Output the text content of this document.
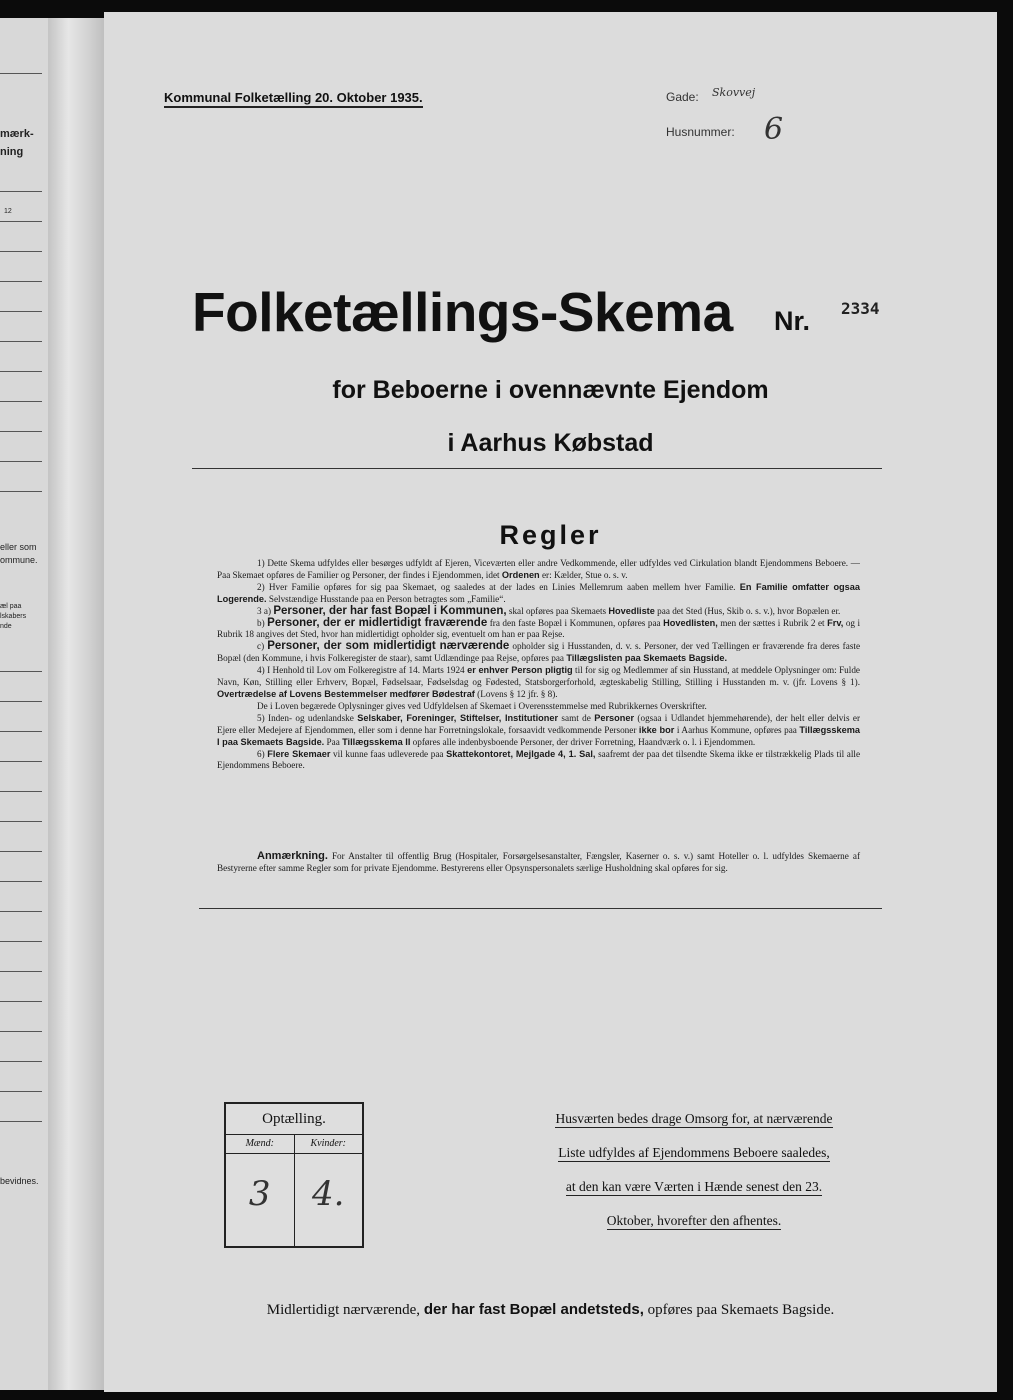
mærk-
ning
12
eller som
ommune.
æl paa
lskabers
nde
bevidnes.
Kommunal Folketælling 20. Oktober 1935.	Gade: Skovvej
Husnummer: 6
Folketællings-Skema Nr. 2334
for Beboerne i ovennævnte Ejendom
i Aarhus Købstad
Regler

1) Dette Skema udfyldes eller besørges udfyldt af Ejeren, Viceværten eller andre Vedkommende, eller udfyldes ved Cirkulation blandt Ejendommens Beboere. — Paa Skemaet opføres de Familier og Personer, der findes i Ejendommen, idet Ordenen er: Kælder, Stue o. s. v.

2) Hver Familie opføres for sig paa Skemaet, og saaledes at der lades en Linies Mellemrum aaben mellem hver Familie. En Familie omfatter ogsaa Logerende. Selvstændige Husstande paa en Person betragtes som „Familie“.

3 a) Personer, der har fast Bopæl i Kommunen, skal opføres paa Skemaets Hovedliste paa det Sted (Hus, Skib o. s. v.), hvor Bopælen er.

b) Personer, der er midlertidigt fraværende fra den faste Bopæl i Kommunen, opføres paa Hovedlisten, men der sættes i Rubrik 2 et Frv, og i Rubrik 18 angives det Sted, hvor han midlertidigt opholder sig, eventuelt om han er paa Rejse.

c) Personer, der som midlertidigt nærværende opholder sig i Husstanden, d. v. s. Personer, der ved Tællingen er fraværende fra deres faste Bopæl (den Kommune, i hvis Folkeregister de staar), samt Udlændinge paa Rejse, opføres paa Tillægslisten paa Skemaets Bagside.

4) I Henhold til Lov om Folkeregistre af 14. Marts 1924 er enhver Person pligtig til for sig og Medlemmer af sin Husstand, at meddele Oplysninger om: Fulde Navn, Køn, Stilling eller Erhverv, Bopæl, Fødselsaar, Fødselsdag og Fødested, Statsborgerforhold, ægteskabelig Stilling, Stilling i Husstanden m. v. (jfr. Lovens § 1). Overtrædelse af Lovens Bestemmelser medfører Bødestraf (Lovens § 12 jfr. § 8).

De i Loven begærede Oplysninger gives ved Udfyldelsen af Skemaet i Overensstemmelse med Rubrikkernes Overskrifter.

5) Inden- og udenlandske Selskaber, Foreninger, Stiftelser, Institutioner samt de Personer (ogsaa i Udlandet hjemmehørende), der helt eller delvis er Ejere eller Medejere af Ejendommen, eller som i denne har Forretningslokale, forsaavidt vedkommende Personer ikke bor i Aarhus Kommune, opføres paa Tillægsskema I paa Skemaets Bagside. Paa Tillægsskema II opføres alle indenbysboende Personer, der driver Forretning, Haandværk o. l. i Ejendommen.

6) Flere Skemaer vil kunne faas udleverede paa Skattekontoret, Mejlgade 4, 1. Sal, saafremt der paa det tilsendte Skema ikke er tilstrækkelig Plads til alle Ejendommens Beboere.

Anmærkning. For Anstalter til offentlig Brug (Hospitaler, Forsørgelsesanstalter, Fængsler, Kaserner o. s. v.) samt Hoteller o. l. udfyldes Skemaerne af Bestyrerne efter samme Regler som for private Ejendomme. Bestyrerens eller Opsynspersonalets særlige Husholdning skal opføres for sig.

Optælling.
Mænd:
3
Kvinder:
4.
Husværten bedes drage Omsorg for, at nærværende
Liste udfyldes af Ejendommens Beboere saaledes,
at den kan være Værten i Hænde senest den 23.
Oktober, hvorefter den afhentes.
Midlertidigt nærværende, der har fast Bopæl andetsteds, opføres paa Skemaets Bagside.
